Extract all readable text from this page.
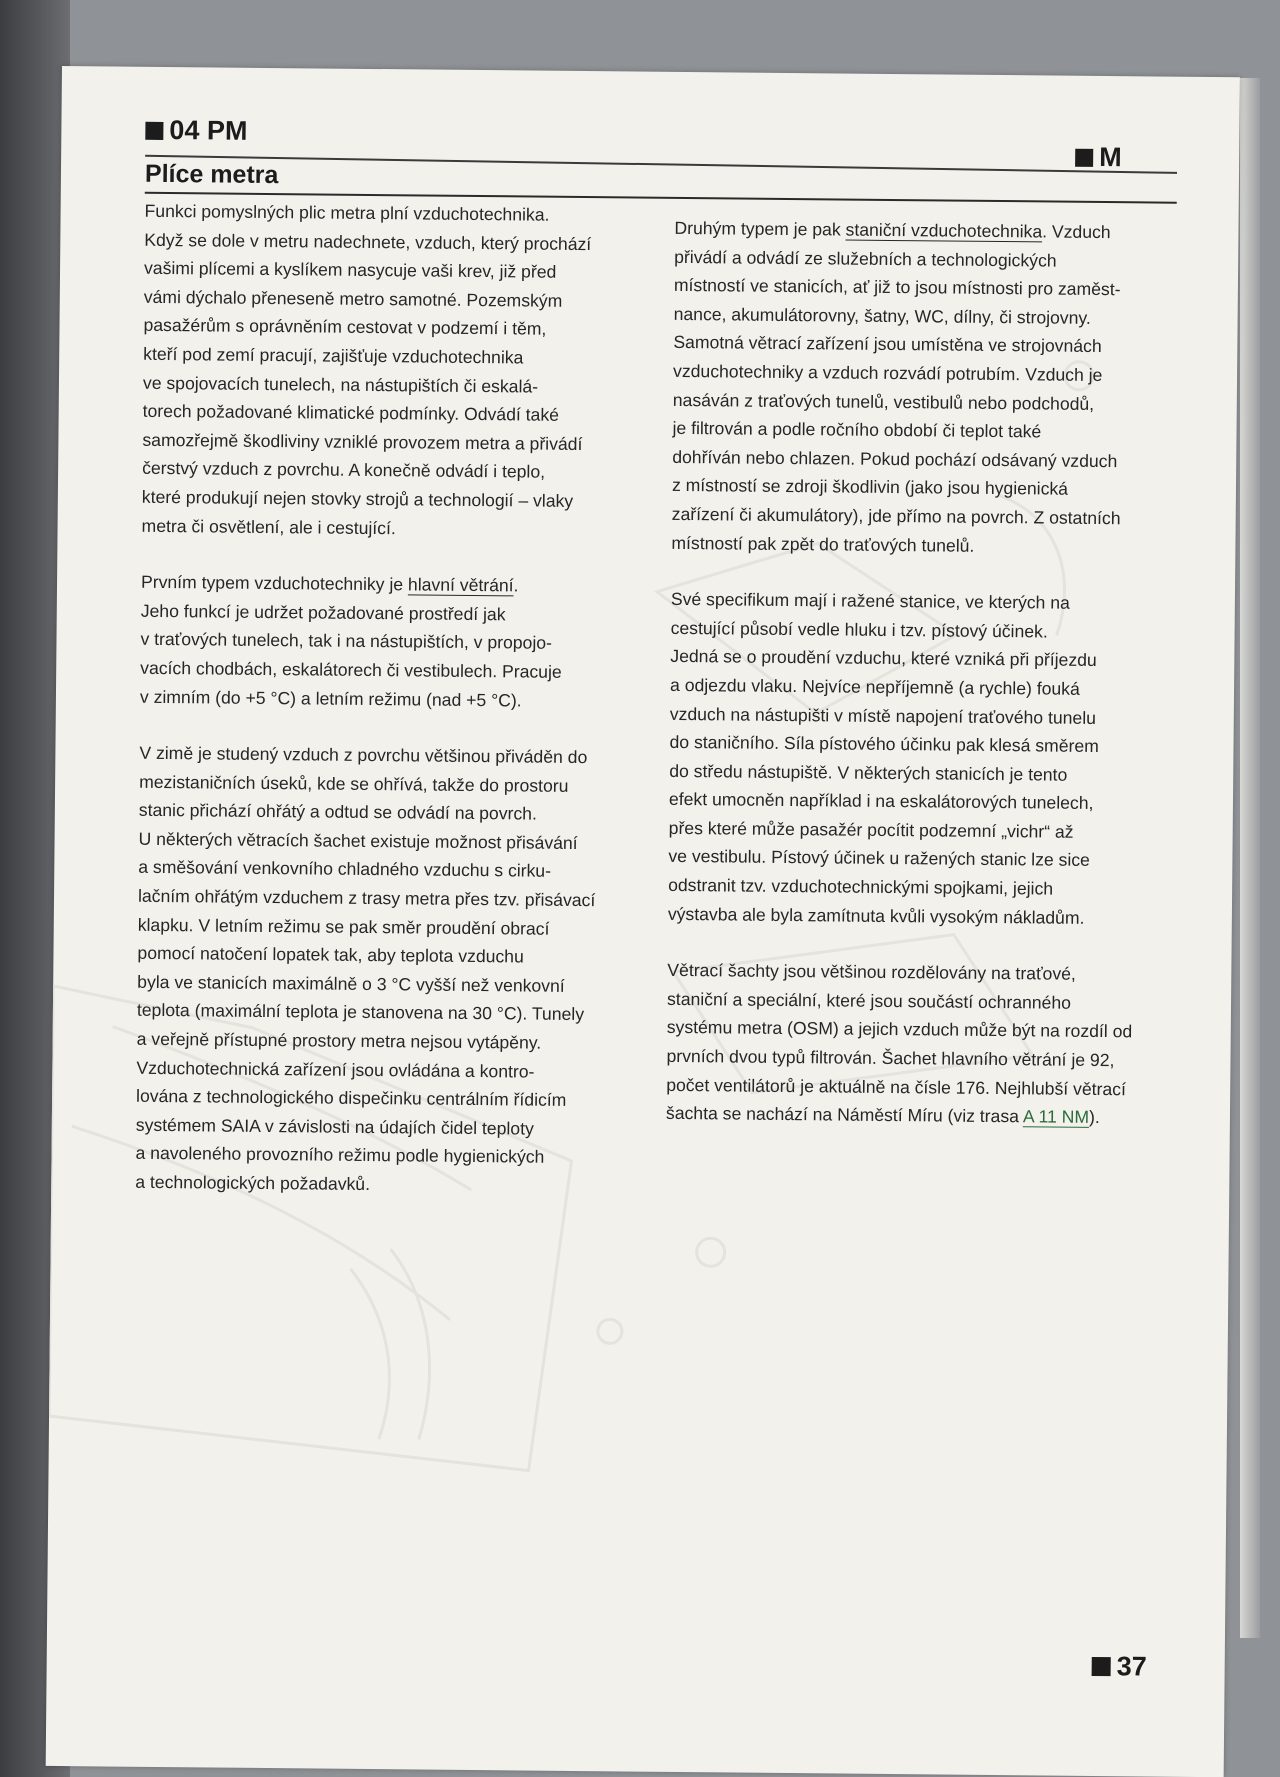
04 PM
Plíce metra
M

Funkci pomyslných plic metra plní vzduchotechnika.
Když se dole v metru nadechnete, vzduch, který prochází
vašimi plícemi a kyslíkem nasycuje vaši krev, již před
vámi dýchalo přeneseně metro samotné. Pozemským
pasažérům s oprávněním cestovat v podzemí i těm,
kteří pod zemí pracují, zajišťuje vzduchotechnika
ve spojovacích tunelech, na nástupištích či eskalá-
torech požadované klimatické podmínky. Odvádí také
samozřejmě škodliviny vzniklé provozem metra a přivádí
čerstvý vzduch z povrchu. A konečně odvádí i teplo,
které produkují nejen stovky strojů a technologií – vlaky
metra či osvětlení, ale i cestující.

Prvním typem vzduchotechniky je hlavní větrání.
Jeho funkcí je udržet požadované prostředí jak
v traťových tunelech, tak i na nástupištích, v propojo-
vacích chodbách, eskalátorech či vestibulech. Pracuje
v zimním (do +5 °C) a letním režimu (nad +5 °C).

V zimě je studený vzduch z povrchu většinou přiváděn do
mezistaničních úseků, kde se ohřívá, takže do prostoru
stanic přichází ohřátý a odtud se odvádí na povrch.
U některých větracích šachet existuje možnost přisávání
a směšování venkovního chladného vzduchu s cirku-
lačním ohřátým vzduchem z trasy metra přes tzv. přisávací
klapku. V letním režimu se pak směr proudění obrací
pomocí natočení lopatek tak, aby teplota vzduchu
byla ve stanicích maximálně o 3 °C vyšší než venkovní
teplota (maximální teplota je stanovena na 30 °C). Tunely
a veřejně přístupné prostory metra nejsou vytápěny.
Vzduchotechnická zařízení jsou ovládána a kontro-
lována z technologického dispečinku centrálním řídicím
systémem SAIA v závislosti na údajích čidel teploty
a navoleného provozního režimu podle hygienických
a technologických požadavků.

Druhým typem je pak staniční vzduchotechnika. Vzduch
přivádí a odvádí ze služebních a technologických
místností ve stanicích, ať již to jsou místnosti pro zaměst-
nance, akumulátorovny, šatny, WC, dílny, či strojovny.
Samotná větrací zařízení jsou umístěna ve strojovnách
vzduchotechniky a vzduch rozvádí potrubím. Vzduch je
nasáván z traťových tunelů, vestibulů nebo podchodů,
je filtrován a podle ročního období či teplot také
dohříván nebo chlazen. Pokud pochází odsávaný vzduch
z místností se zdroji škodlivin (jako jsou hygienická
zařízení či akumulátory), jde přímo na povrch. Z ostatních
místností pak zpět do traťových tunelů.

Své specifikum mají i ražené stanice, ve kterých na
cestující působí vedle hluku i tzv. pístový účinek.
Jedná se o proudění vzduchu, které vzniká při příjezdu
a odjezdu vlaku. Nejvíce nepříjemně (a rychle) fouká
vzduch na nástupišti v místě napojení traťového tunelu
do staničního. Síla pístového účinku pak klesá směrem
do středu nástupiště. V některých stanicích je tento
efekt umocněn například i na eskalátorových tunelech,
přes které může pasažér pocítit podzemní „vichr“ až
ve vestibulu. Pístový účinek u ražených stanic lze sice
odstranit tzv. vzduchotechnickými spojkami, jejich
výstavba ale byla zamítnuta kvůli vysokým nákladům.

Větrací šachty jsou většinou rozdělovány na traťové,
staniční a speciální, které jsou součástí ochranného
systému metra (OSM) a jejich vzduch může být na rozdíl od
prvních dvou typů filtrován. Šachet hlavního větrání je 92,
počet ventilátorů je aktuálně na čísle 176. Nejhlubší větrací
šachta se nachází na Náměstí Míru (viz trasa A 11 NM).

37
